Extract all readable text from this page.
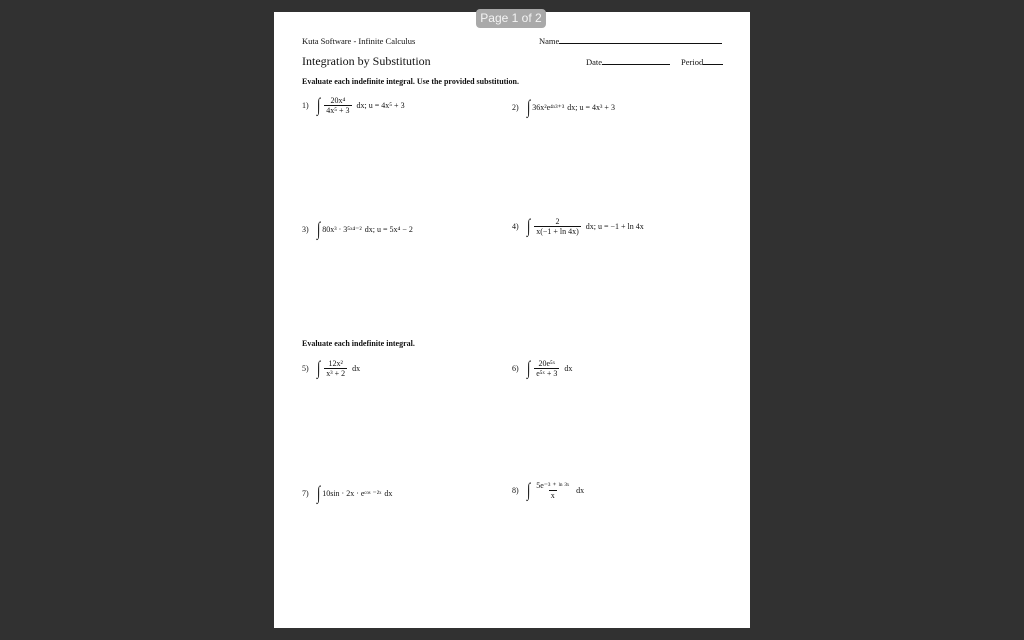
Page 1 of 2
Kuta Software - Infinite Calculus	Name
Integration by Substitution	Date	Period
Evaluate each indefinite integral. Use the provided substitution.
1) ∫ $\frac{\text{20x⁴}}{\text{4x⁵ + 3}}$ dx; u = 4x⁵ + 3	2) ∫ 36x²e⁴ˣ³⁺³ dx; u = 4x³ + 3
3) ∫ 80x³ · 3⁵ˣ⁴⁻² dx; u = 5x⁴ − 2	4) ∫ $\frac{2}{x(-1 + \ln 4x)}$ dx; u = −1 + ln 4x
Evaluate each indefinite integral.
5) ∫ $\frac{\text{12x²}}{\text{x³ + 2}}$ dx	6) ∫ $\frac{\text{20e⁵ˣ}}{\text{e⁵ˣ + 3}}$ dx
7) ∫ 10sin · 2x · eᶜᵒˢ ⁻²ˣ dx	8) ∫ $\frac{\text{5e⁻³ ⁺ ˡⁿ ³ˣ}}{x}$ dx
